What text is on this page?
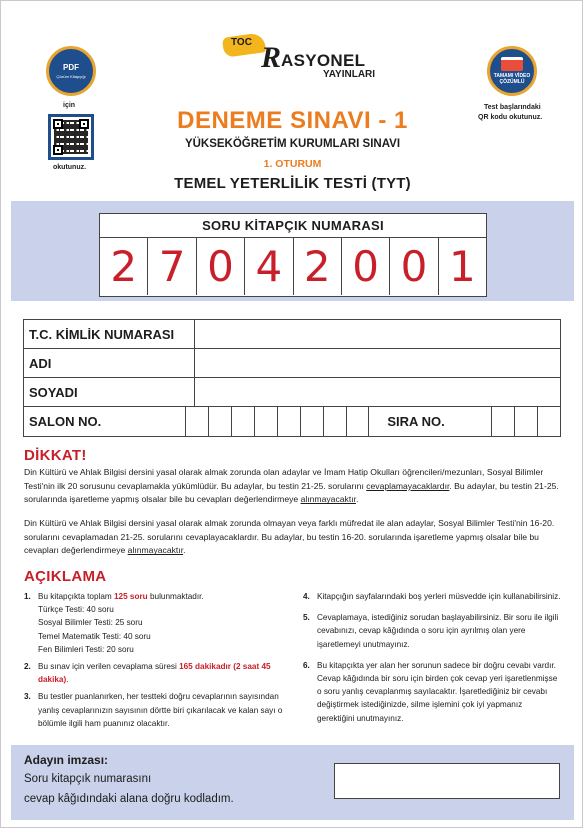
PDF
Çözüm Kitapçığı
için
okutunuz.
TAMAMI VİDEO ÇÖZÜMLÜ
Test başlarındaki
QR kodu okutunuz.
TOC R ASYONEL
YAYINLARI
DENEME SINAVI - 1
YÜKSEKÖĞRETİM KURUMLARI SINAVI
1. OTURUM
TEMEL YETERLİLİK TESTİ (TYT)
SORU KİTAPÇIK NUMARASI
2 7 0 4 2 0 0 1
T.C. KİMLİK NUMARASI
ADI
SOYADI
SALON NO.	SIRA NO.
DİKKAT!
Din Kültürü ve Ahlak Bilgisi dersini yasal olarak almak zorunda olan adaylar ve İmam Hatip Okulları öğrencileri/mezunları, Sosyal Bilimler Testi'nin ilk 20 sorusunu cevaplamakla yükümlüdür. Bu adaylar, bu testin 21-25. sorularını cevaplamayacaklardır. Bu adaylar, bu testin 21-25. sorularında işaretleme yapmış olsalar bile bu cevapları değerlendirmeye alınmayacaktır.
Din Kültürü ve Ahlak Bilgisi dersini yasal olarak almak zorunda olmayan veya farklı müfredat ile alan adaylar, Sosyal Bilimler Testi'nin 16-20. sorularını cevaplamadan 21-25. sorularını cevaplayacaklardır. Bu adaylar, bu testin 16-20. sorularında işaretleme yapmış olsalar bile bu cevapları değerlendirmeye alınmayacaktır.
AÇIKLAMA
1. Bu kitapçıkta toplam 125 soru bulunmaktadır.
Türkçe Testi: 40 soru
Sosyal Bilimler Testi: 25 soru
Temel Matematik Testi: 40 soru
Fen Bilimleri Testi: 20 soru
2. Bu sınav için verilen cevaplama süresi 165 dakikadır (2 saat 45 dakika).
3. Bu testler puanlanırken, her testteki doğru cevaplarının sayısından yanlış cevaplarınızın sayısının dörtte biri çıkarılacak ve kalan sayı o bölümle ilgili ham puanınız olacaktır.
4. Kitapçığın sayfalarındaki boş yerleri müsvedde için kullanabilirsiniz.
5. Cevaplamaya, istediğiniz sorudan başlayabilirsiniz. Bir soru ile ilgili cevabınızı, cevap kâğıdında o soru için ayrılmış olan yere işaretlemeyi unutmayınız.
6. Bu kitapçıkta yer alan her sorunun sadece bir doğru cevabı vardır. Cevap kâğıdında bir soru için birden çok cevap yeri işaretlenmişse o soru yanlış cevaplanmış sayılacaktır. İşaretlediğiniz bir cevabı değiştirmek istediğinizde, silme işlemini çok iyi yapmanız gerektiğini unutmayınız.
Adayın imzası:
Soru kitapçık numarasını
cevap kâğıdındaki alana doğru kodladım.
